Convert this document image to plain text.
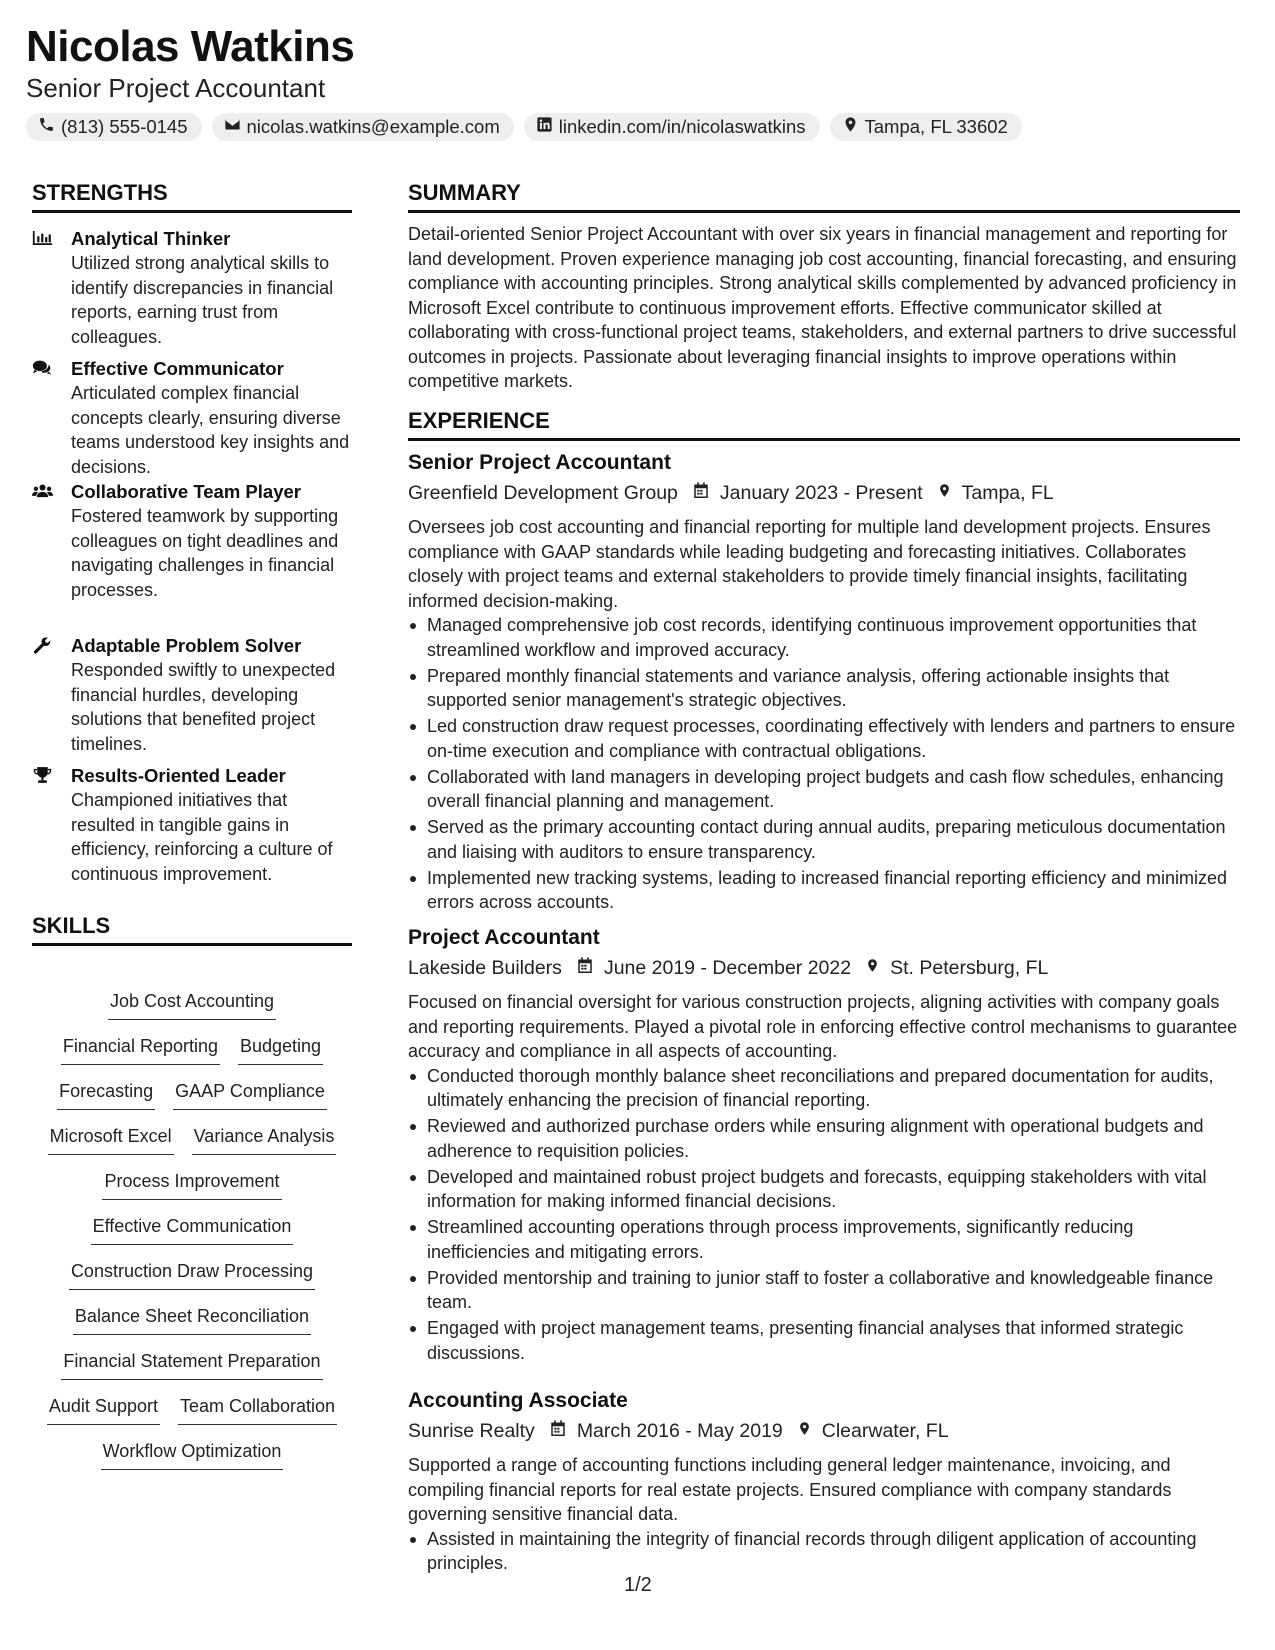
Nicolas Watkins
Senior Project Accountant
(813) 555-0145	nicolas.watkins@example.com	linkedin.com/in/nicolaswatkins	Tampa, FL 33602
STRENGTHS
Analytical Thinker
Utilized strong analytical skills to identify discrepancies in financial reports, earning trust from colleagues.
Effective Communicator
Articulated complex financial concepts clearly, ensuring diverse teams understood key insights and decisions.
Collaborative Team Player
Fostered teamwork by supporting colleagues on tight deadlines and navigating challenges in financial processes.
Adaptable Problem Solver
Responded swiftly to unexpected financial hurdles, developing solutions that benefited project timelines.
Results-Oriented Leader
Championed initiatives that resulted in tangible gains in efficiency, reinforcing a culture of continuous improvement.
SKILLS
Job Cost Accounting
Financial Reporting Budgeting
Forecasting GAAP Compliance
Microsoft Excel Variance Analysis
Process Improvement
Effective Communication
Construction Draw Processing
Balance Sheet Reconciliation
Financial Statement Preparation
Audit Support Team Collaboration
Workflow Optimization
SUMMARY
Detail-oriented Senior Project Accountant with over six years in financial management and reporting for land development. Proven experience managing job cost accounting, financial forecasting, and ensuring compliance with accounting principles. Strong analytical skills complemented by advanced proficiency in Microsoft Excel contribute to continuous improvement efforts. Effective communicator skilled at collaborating with cross-functional project teams, stakeholders, and external partners to drive successful outcomes in projects. Passionate about leveraging financial insights to improve operations within competitive markets.
EXPERIENCE
Senior Project Accountant
Greenfield Development Group January 2023 - Present Tampa, FL
Oversees job cost accounting and financial reporting for multiple land development projects. Ensures compliance with GAAP standards while leading budgeting and forecasting initiatives. Collaborates closely with project teams and external stakeholders to provide timely financial insights, facilitating informed decision-making.
Managed comprehensive job cost records, identifying continuous improvement opportunities that streamlined workflow and improved accuracy.
Prepared monthly financial statements and variance analysis, offering actionable insights that supported senior management's strategic objectives.
Led construction draw request processes, coordinating effectively with lenders and partners to ensure on-time execution and compliance with contractual obligations.
Collaborated with land managers in developing project budgets and cash flow schedules, enhancing overall financial planning and management.
Served as the primary accounting contact during annual audits, preparing meticulous documentation and liaising with auditors to ensure transparency.
Implemented new tracking systems, leading to increased financial reporting efficiency and minimized errors across accounts.
Project Accountant
Lakeside Builders June 2019 - December 2022 St. Petersburg, FL
Focused on financial oversight for various construction projects, aligning activities with company goals and reporting requirements. Played a pivotal role in enforcing effective control mechanisms to guarantee accuracy and compliance in all aspects of accounting.
Conducted thorough monthly balance sheet reconciliations and prepared documentation for audits, ultimately enhancing the precision of financial reporting.
Reviewed and authorized purchase orders while ensuring alignment with operational budgets and adherence to requisition policies.
Developed and maintained robust project budgets and forecasts, equipping stakeholders with vital information for making informed financial decisions.
Streamlined accounting operations through process improvements, significantly reducing inefficiencies and mitigating errors.
Provided mentorship and training to junior staff to foster a collaborative and knowledgeable finance team.
Engaged with project management teams, presenting financial analyses that informed strategic discussions.
Accounting Associate
Sunrise Realty March 2016 - May 2019 Clearwater, FL
Supported a range of accounting functions including general ledger maintenance, invoicing, and compiling financial reports for real estate projects. Ensured compliance with company standards governing sensitive financial data.
Assisted in maintaining the integrity of financial records through diligent application of accounting principles.
1/2
